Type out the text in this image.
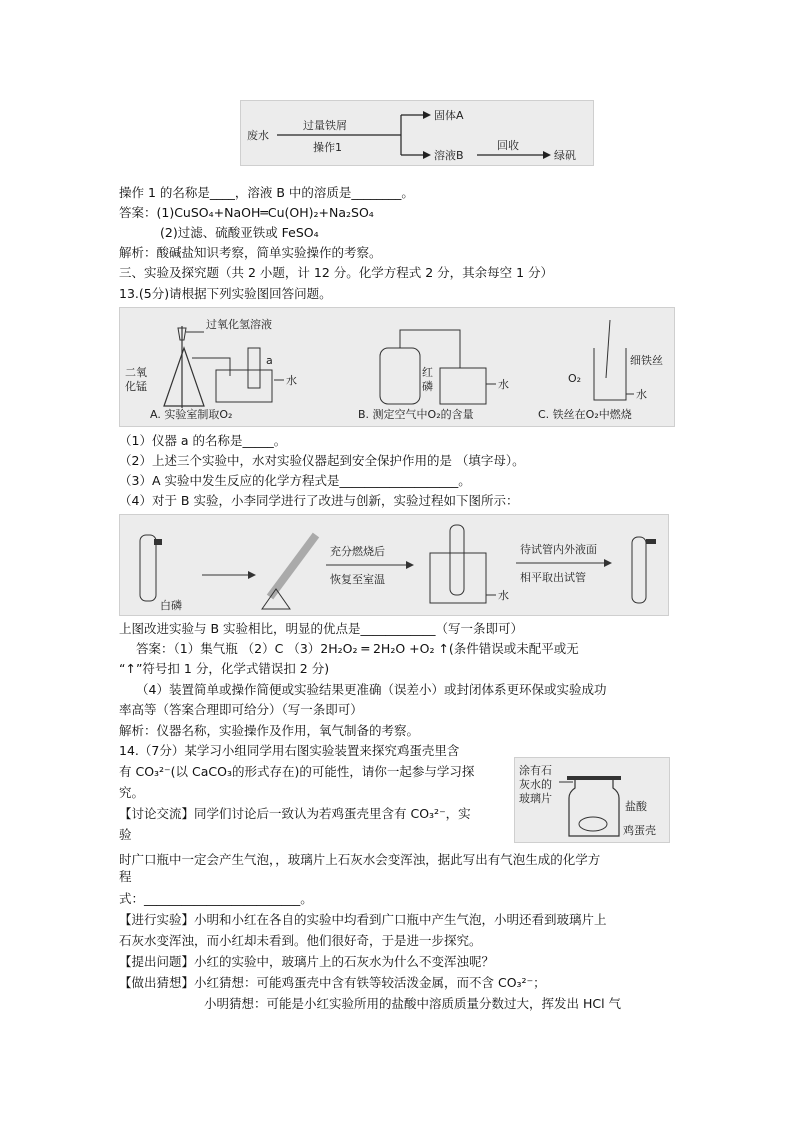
废水
过量铁屑
操作1
固体A
溶液B
回收
绿矾
操作 1 的名称是____，溶液 B 中的溶质是________。
答案：(1)CuSO₄+NaOH═Cu(OH)₂+Na₂SO₄
(2)过滤、硫酸亚铁或 FeSO₄
解析：酸碱盐知识考察，简单实验操作的考察。
三、实验及探究题（共 2 小题，计 12 分。化学方程式 2 分，其余每空 1 分）
13.(5分)请根据下列实验图回答问题。
二氧
化锰
过氧化氢溶液
a
水
A. 实验室制取O₂
红
磷	水
B. 测定空气中O₂的含量
细铁丝
O₂
水
C. 铁丝在O₂中燃烧
（1）仪器 a 的名称是_____。
（2）上述三个实验中，水对实验仪器起到安全保护作用的是 （填字母）。
（3）A 实验中发生反应的化学方程式是___________________。
（4）对于 B 实验，小李同学进行了改进与创新，实验过程如下图所示：
白磷
充分燃烧后
恢复至室温
水
待试管内外液面
相平取出试管
上图改进实验与 B 实验相比，明显的优点是____________（写一条即可）
答案：（1）集气瓶 （2）C （3）2H₂O₂ ═ 2H₂O +O₂ ↑(条件错误或未配平或无
“↑”符号扣 1 分，化学式错误扣 2 分)
（4）装置简单或操作简便或实验结果更准确（误差小）或封闭体系更环保或实验成功
率高等（答案合理即可给分）（写一条即可）
解析：仪器名称，实验操作及作用，氧气制备的考察。
14.（7分）某学习小组同学用右图实验装置来探究鸡蛋壳里含
有 CO₃²⁻(以 CaCO₃的形式存在)的可能性，请你一起参与学习探
究。
涂有石
灰水的
玻璃片
盐酸
鸡蛋壳
【讨论交流】同学们讨论后一致认为若鸡蛋壳里含有 CO₃²⁻，实
验
时广口瓶中一定会产生气泡，，玻璃片上石灰水会变浑浊，据此写出有气泡生成的化学方
程
式：_________________________。
【进行实验】小明和小红在各自的实验中均看到广口瓶中产生气泡，小明还看到玻璃片上
石灰水变浑浊，而小红却未看到。他们很好奇，于是进一步探究。
【提出问题】小红的实验中，玻璃片上的石灰水为什么不变浑浊呢？
【做出猜想】小红猜想：可能鸡蛋壳中含有铁等较活泼金属，而不含 CO₃²⁻；
小明猜想：可能是小红实验所用的盐酸中溶质质量分数过大，挥发出 HCl 气
